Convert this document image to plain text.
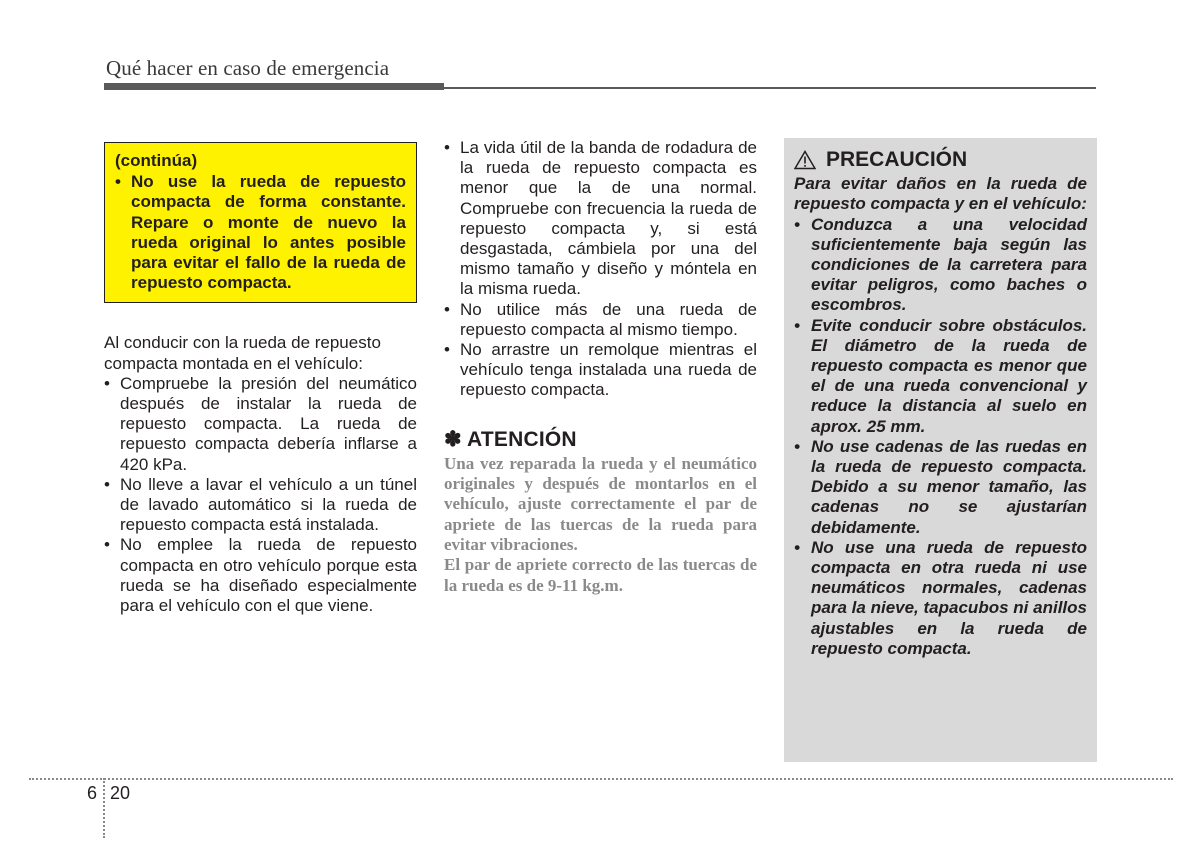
Qué hacer en caso de emergencia
(continúa)
• No use la rueda de repuesto compacta de forma constante. Repare o monte de nuevo la rueda original lo antes posible para evitar el fallo de la rueda de repuesto compacta.

Al conducir con la rueda de repuesto compacta montada en el vehículo:

• Compruebe la presión del neumático después de instalar la rueda de repuesto compacta. La rueda de repuesto compacta debería inflarse a 420 kPa.
• No lleve a lavar el vehículo a un túnel de lavado automático si la rueda de repuesto compacta está instalada.
• No emplee la rueda de repuesto compacta en otro vehículo porque esta rueda se ha diseñado especialmente para el vehículo con el que viene.
• La vida útil de la banda de rodadura de la rueda de repuesto compacta es menor que la de una normal. Compruebe con frecuencia la rueda de repuesto compacta y, si está desgastada, cámbiela por una del mismo tamaño y diseño y móntela en la misma rueda.
• No utilice más de una rueda de repuesto compacta al mismo tiempo.
• No arrastre un remolque mientras el vehículo tenga instalada una rueda de repuesto compacta.
✽ ATENCIÓN

Una vez reparada la rueda y el neumático originales y después de montarlos en el vehículo, ajuste correctamente el par de apriete de las tuercas de la rueda para evitar vibraciones.

El par de apriete correcto de las tuercas de la rueda es de 9-11 kg.m.

PRECAUCIÓN
Para evitar daños en la rueda de repuesto compacta y en el vehículo:
• Conduzca a una velocidad suficientemente baja según las condiciones de la carretera para evitar peligros, como baches o escombros.
• Evite conducir sobre obstáculos. El diámetro de la rueda de repuesto compacta es menor que el de una rueda convencional y reduce la distancia al suelo en aprox. 25 mm.
• No use cadenas de las ruedas en la rueda de repuesto compacta. Debido a su menor tamaño, las cadenas no se ajustarían debidamente.
• No use una rueda de repuesto compacta en otra rueda ni use neumáticos normales, cadenas para la nieve, tapacubos ni anillos ajustables en la rueda de repuesto compacta.
6 20
